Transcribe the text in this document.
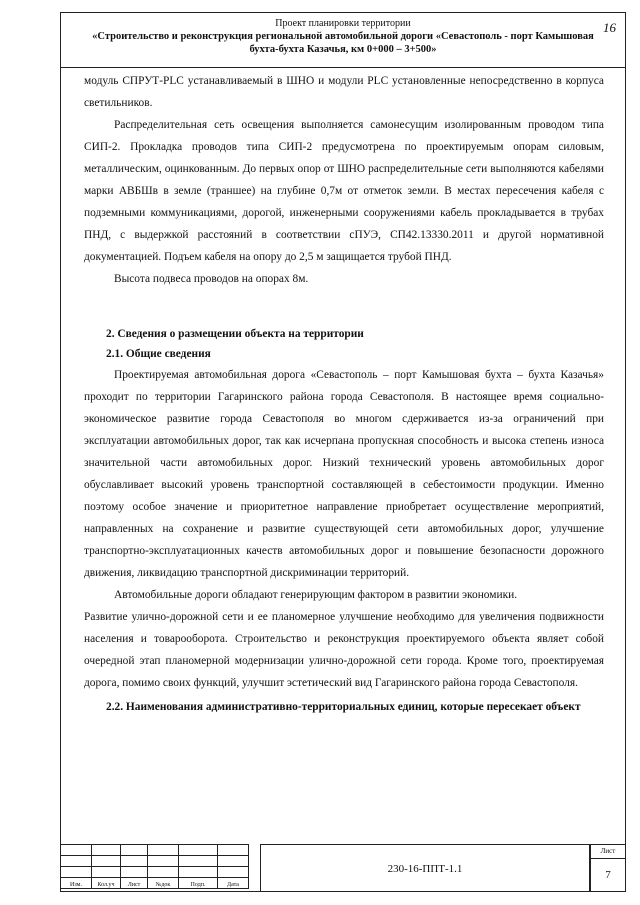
Проект планировки территории
«Строительство и реконструкция региональной автомобильной дороги «Севастополь - порт Камышовая бухта-бухта Казачья, км 0+000 – 3+500»
16

модуль СПРУТ-PLC устанавливаемый в ШНО и модули PLC установленные непосредственно в корпуса светильников.

Распределительная сеть освещения выполняется самонесущим изолированным проводом типа СИП-2. Прокладка проводов типа СИП-2 предусмотрена по проектируемым опорам силовым, металлическим, оцинкованным. До первых опор от ШНО распределительные сети выполняются кабелями марки АВБШв в земле (траншее) на глубине 0,7м от отметок земли. В местах пересечения кабеля с подземными коммуникациями, дорогой, инженерными сооружениями кабель прокладывается в трубах ПНД, с выдержкой расстояний в соответствии сПУЭ, СП42.13330.2011 и другой нормативной документацией. Подъем кабеля на опору до 2,5 м защищается трубой ПНД.

Высота подвеса проводов на опорах 8м.

2. Сведения о размещении объекта на территории

2.1. Общие сведения

Проектируемая автомобильная дорога «Севастополь – порт Камышовая бухта – бухта Казачья» проходит по территории Гагаринского района города Севастополя. В настоящее время социально-экономическое развитие города Севастополя во многом сдерживается из-за ограничений при эксплуатации автомобильных дорог, так как исчерпана пропускная способность и высока степень износа значительной части автомобильных дорог. Низкий технический уровень автомобильных дорог обуславливает высокий уровень транспортной составляющей в себестоимости продукции. Именно поэтому особое значение и приоритетное направление приобретает осуществление мероприятий, направленных на сохранение и развитие существующей сети автомобильных дорог, улучшение транспортно-эксплуатационных качеств автомобильных дорог и повышение безопасности дорожного движения, ликвидацию транспортной дискриминации территорий.

Автомобильные дороги обладают генерирующим фактором в развитии экономики.

Развитие улично-дорожной сети и ее планомерное улучшение необходимо для увеличения подвижности населения и товарооборота. Строительство и реконструкция проектируемого объекта являет собой очередной этап планомерной модернизации улично-дорожной сети города. Кроме того, проектируемая дорога, помимо своих функций, улучшит эстетический вид Гагаринского района города Севастополя.

2.2. Наименования административно-территориальных единиц, которые пересекает объект

Изм.	Кол.уч	Лист	№док	Подп.	Дата
230-16-ППТ-1.1
Лист
7
